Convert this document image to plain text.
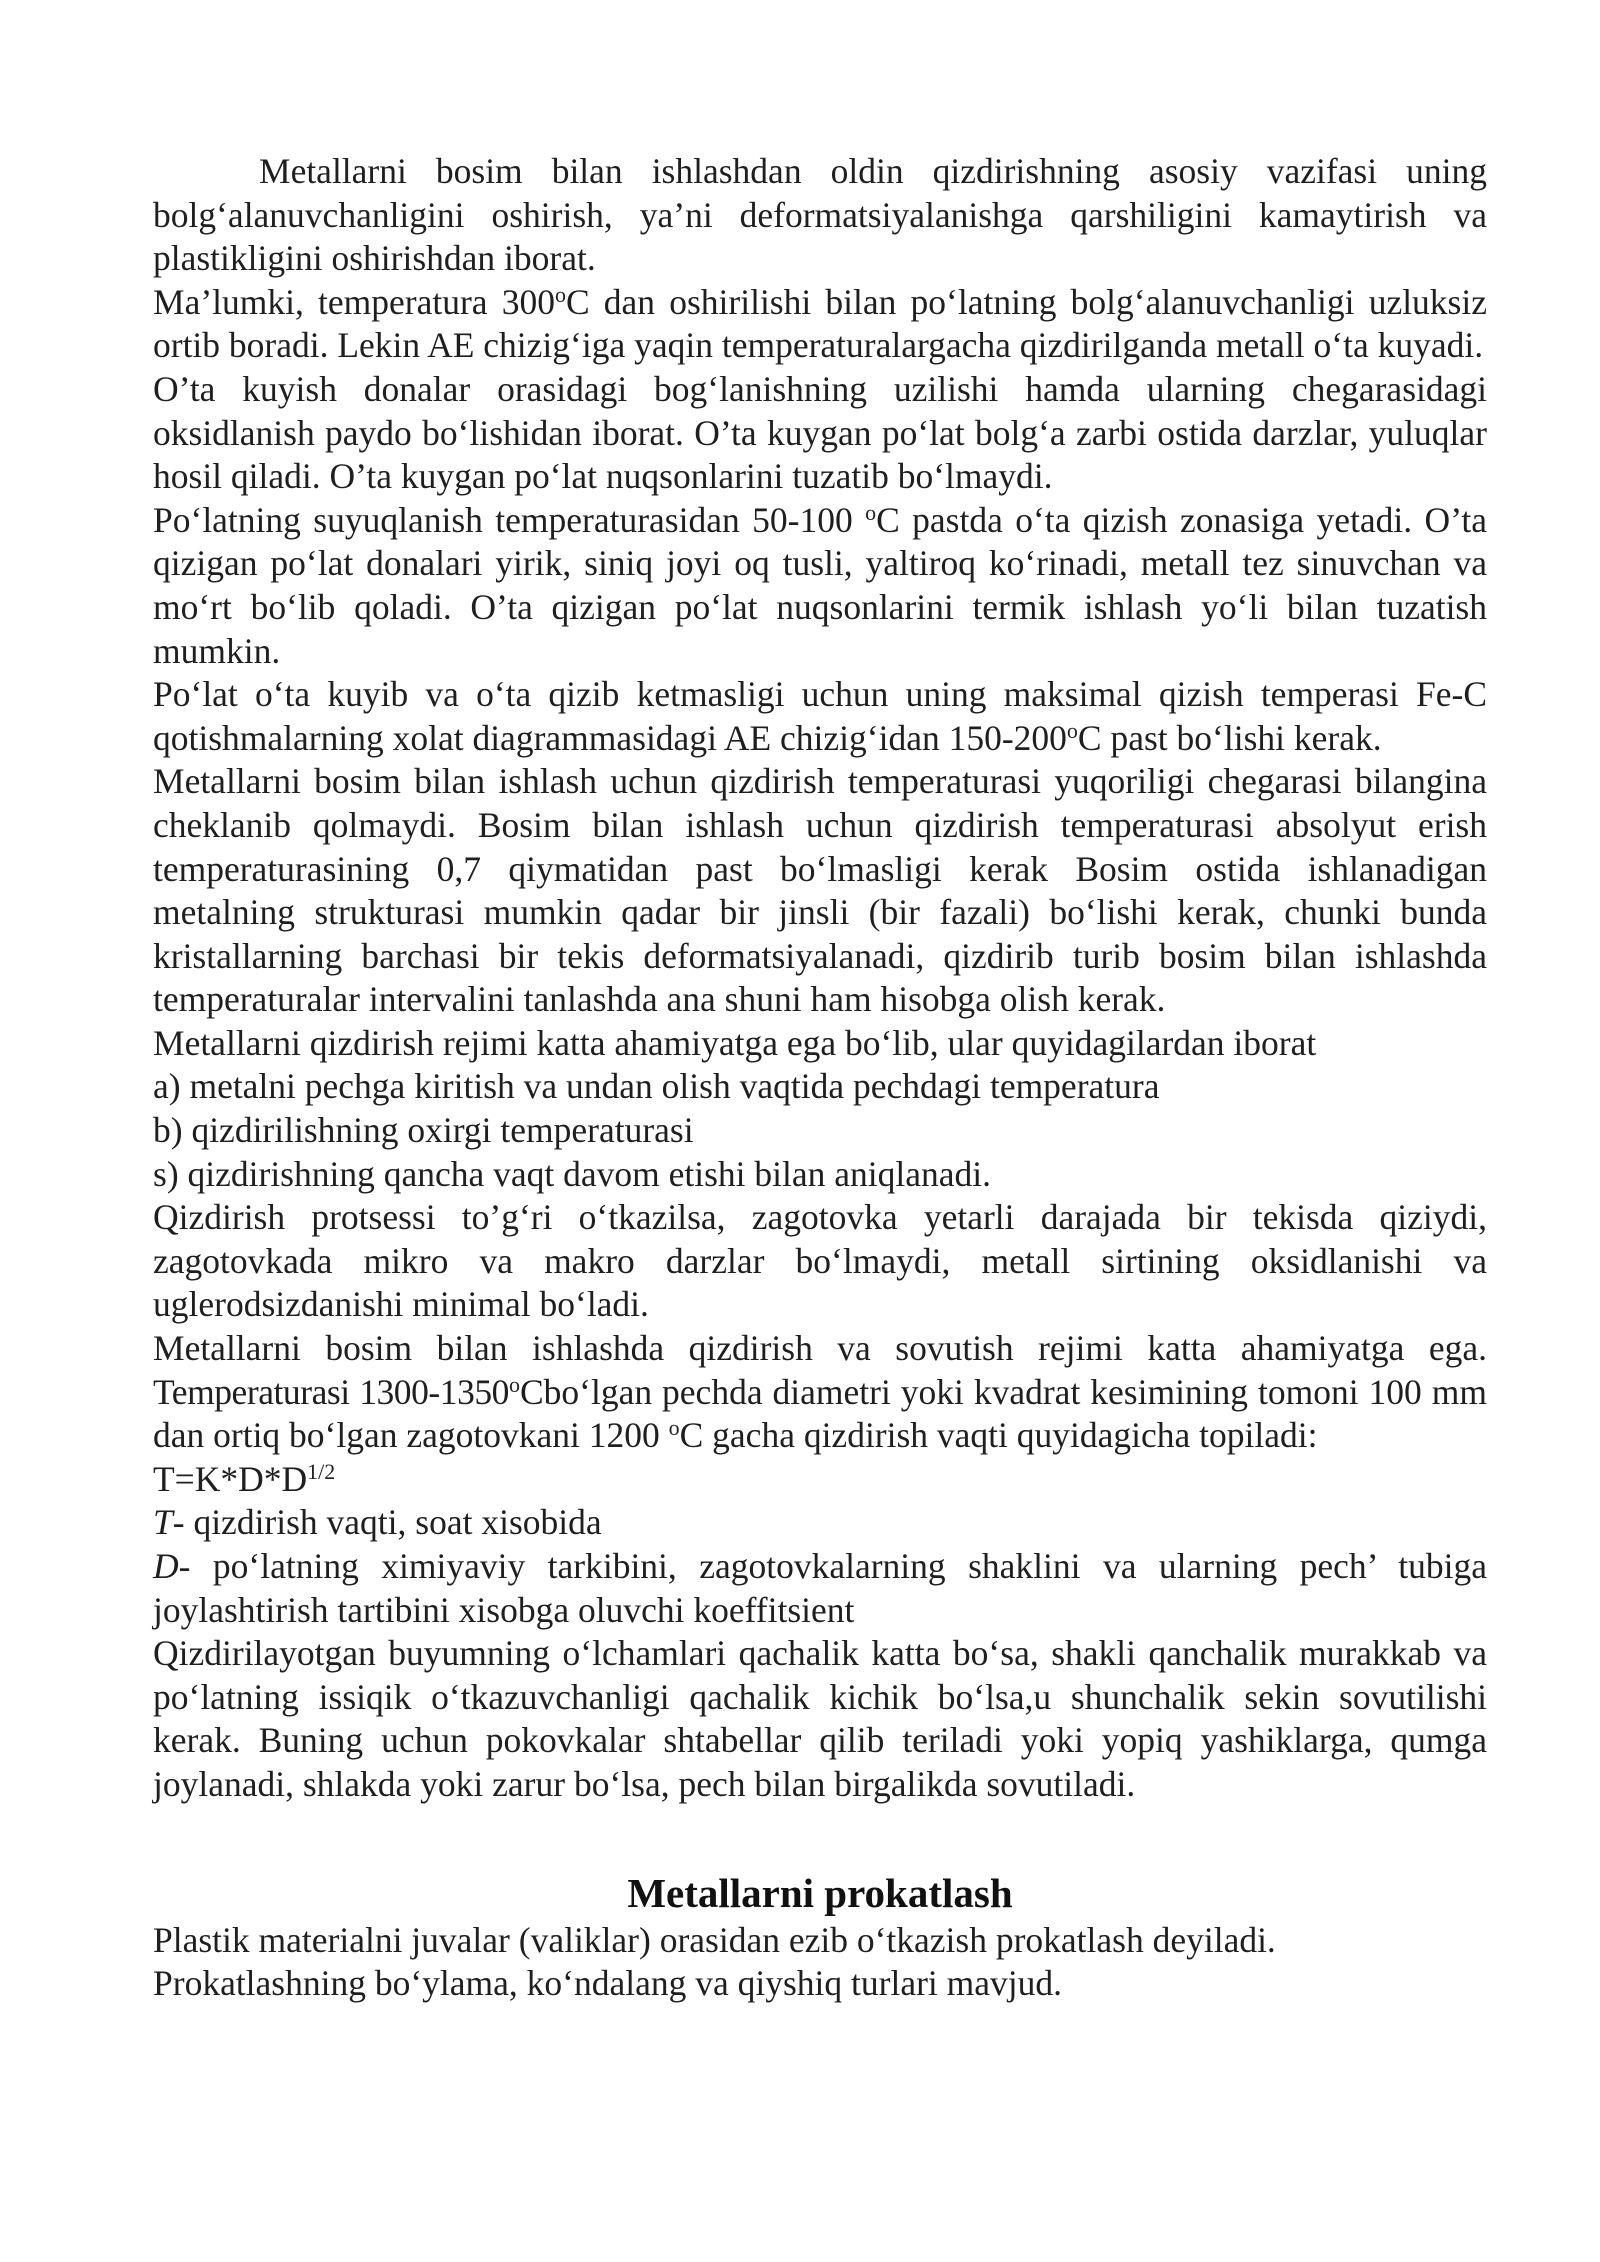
Metallarni bosim bilan ishlashdan oldin qizdirishning asosiy vazifasi uning bolg‘alanuvchanligini oshirish, ya’ni deformatsiyalanishga qarshiligini kamaytirish va plastikligini oshirishdan iborat.

Ma’lumki, temperatura 300$^o$C dan oshirilishi bilan po‘latning bolg‘alanuvchanligi uzluksiz ortib boradi. Lekin AE chizig‘iga yaqin temperaturalargacha qizdirilganda metall o‘ta kuyadi.

O’ta kuyish donalar orasidagi bog‘lanishning uzilishi hamda ularning chegarasidagi oksidlanish paydo bo‘lishidan iborat. O’ta kuygan po‘lat bolg‘a zarbi ostida darzlar, yuluqlar hosil qiladi. O’ta kuygan po‘lat nuqsonlarini tuzatib bo‘lmaydi.

Po‘latning suyuqlanish temperaturasidan 50-100 $^o$C pastda o‘ta qizish zonasiga yetadi. O’ta qizigan po‘lat donalari yirik, siniq joyi oq tusli, yaltiroq ko‘rinadi, metall tez sinuvchan va mo‘rt bo‘lib qoladi. O’ta qizigan po‘lat nuqsonlarini termik ishlash yo‘li bilan tuzatish mumkin.

Po‘lat o‘ta kuyib va o‘ta qizib ketmasligi uchun uning maksimal qizish temperasi Fe-C qotishmalarning xolat diagrammasidagi AE chizig‘idan 150-200$^o$C past bo‘lishi kerak.

Metallarni bosim bilan ishlash uchun qizdirish temperaturasi yuqoriligi chegarasi bilangina cheklanib qolmaydi. Bosim bilan ishlash uchun qizdirish temperaturasi absolyut erish temperaturasining 0,7 qiymatidan past bo‘lmasligi kerak Bosim ostida ishlanadigan metalning strukturasi mumkin qadar bir jinsli (bir fazali) bo‘lishi kerak, chunki bunda kristallarning barchasi bir tekis deformatsiyalanadi, qizdirib turib bosim bilan ishlashda temperaturalar intervalini tanlashda ana shuni ham hisobga olish kerak.

Metallarni qizdirish rejimi katta ahamiyatga ega bo‘lib, ular quyidagilardan iborat

a) metalni pechga kiritish va undan olish vaqtida pechdagi temperatura

b) qizdirilishning oxirgi temperaturasi

s) qizdirishning qancha vaqt davom etishi bilan aniqlanadi.

Qizdirish protsessi to’g‘ri o‘tkazilsa, zagotovka yetarli darajada bir tekisda qiziydi, zagotovkada mikro va makro darzlar bo‘lmaydi, metall sirtining oksidlanishi va uglerodsizdanishi minimal bo‘ladi.

Metallarni bosim bilan ishlashda qizdirish va sovutish rejimi katta ahamiyatga ega. Temperaturasi 1300-1350$^o$Cbo‘lgan pechda diametri yoki kvadrat kesimining tomoni 100 mm dan ortiq bo‘lgan zagotovkani 1200 $^o$C gacha qizdirish vaqti quyidagicha topiladi:

$T=K*D*D^{1/2}$

T- qizdirish vaqti, soat xisobida

D- po‘latning ximiyaviy tarkibini, zagotovkalarning shaklini va ularning pech’ tubiga joylashtirish tartibini xisobga oluvchi koeffitsient

Qizdirilayotgan buyumning o‘lchamlari qachalik katta bo‘sa, shakli qanchalik murakkab va po‘latning issiqik o‘tkazuvchanligi qachalik kichik bo‘lsa,u shunchalik sekin sovutilishi kerak. Buning uchun pokovkalar shtabellar qilib teriladi yoki yopiq yashiklarga, qumga joylanadi, shlakda yoki zarur bo‘lsa, pech bilan birgalikda sovutiladi.

Metallarni prokatlash

Plastik materialni juvalar (valiklar) orasidan ezib o‘tkazish prokatlash deyiladi.

Prokatlashning bo‘ylama, ko‘ndalang va qiyshiq turlari mavjud.
